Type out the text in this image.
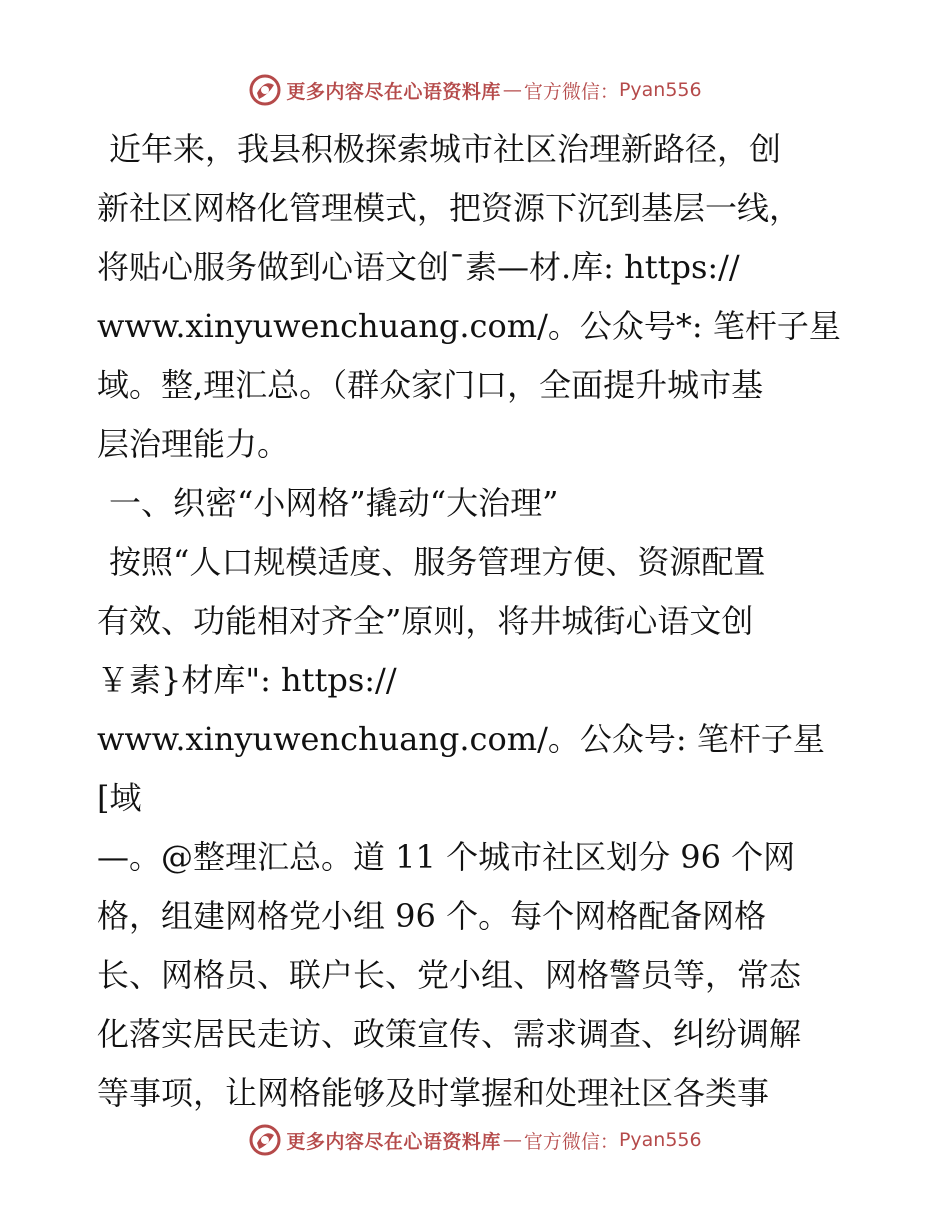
更多内容尽在心语资料库 — 官方微信： Pyan556

近年来，我县积极探索城市社区治理新路径，创

新社区网格化管理模式，把资源下沉到基层一线，

将贴心服务做到心语文创¯素—材.库: https://

www.xinyuwenchuang.com/。公众号*: 笔杆子星

域。整,理汇总。（群众家门口，全面提升城市基

层治理能力。

一、织密“小网格”撬动“大治理”

按照“人口规模适度、服务管理方便、资源配置

有效、功能相对齐全”原则，将井城街心语文创

￥素}材库": https://

www.xinyuwenchuang.com/。公众号: 笔杆子星[域

—。@整理汇总。道 11 个城市社区划分 96 个网

格，组建网格党小组 96 个。每个网格配备网格

长、网格员、联户长、党小组、网格警员等，常态

化落实居民走访、政策宣传、需求调查、纠纷调解

等事项，让网格能够及时掌握和处理社区各类事

更多内容尽在心语资料库 — 官方微信： Pyan556
